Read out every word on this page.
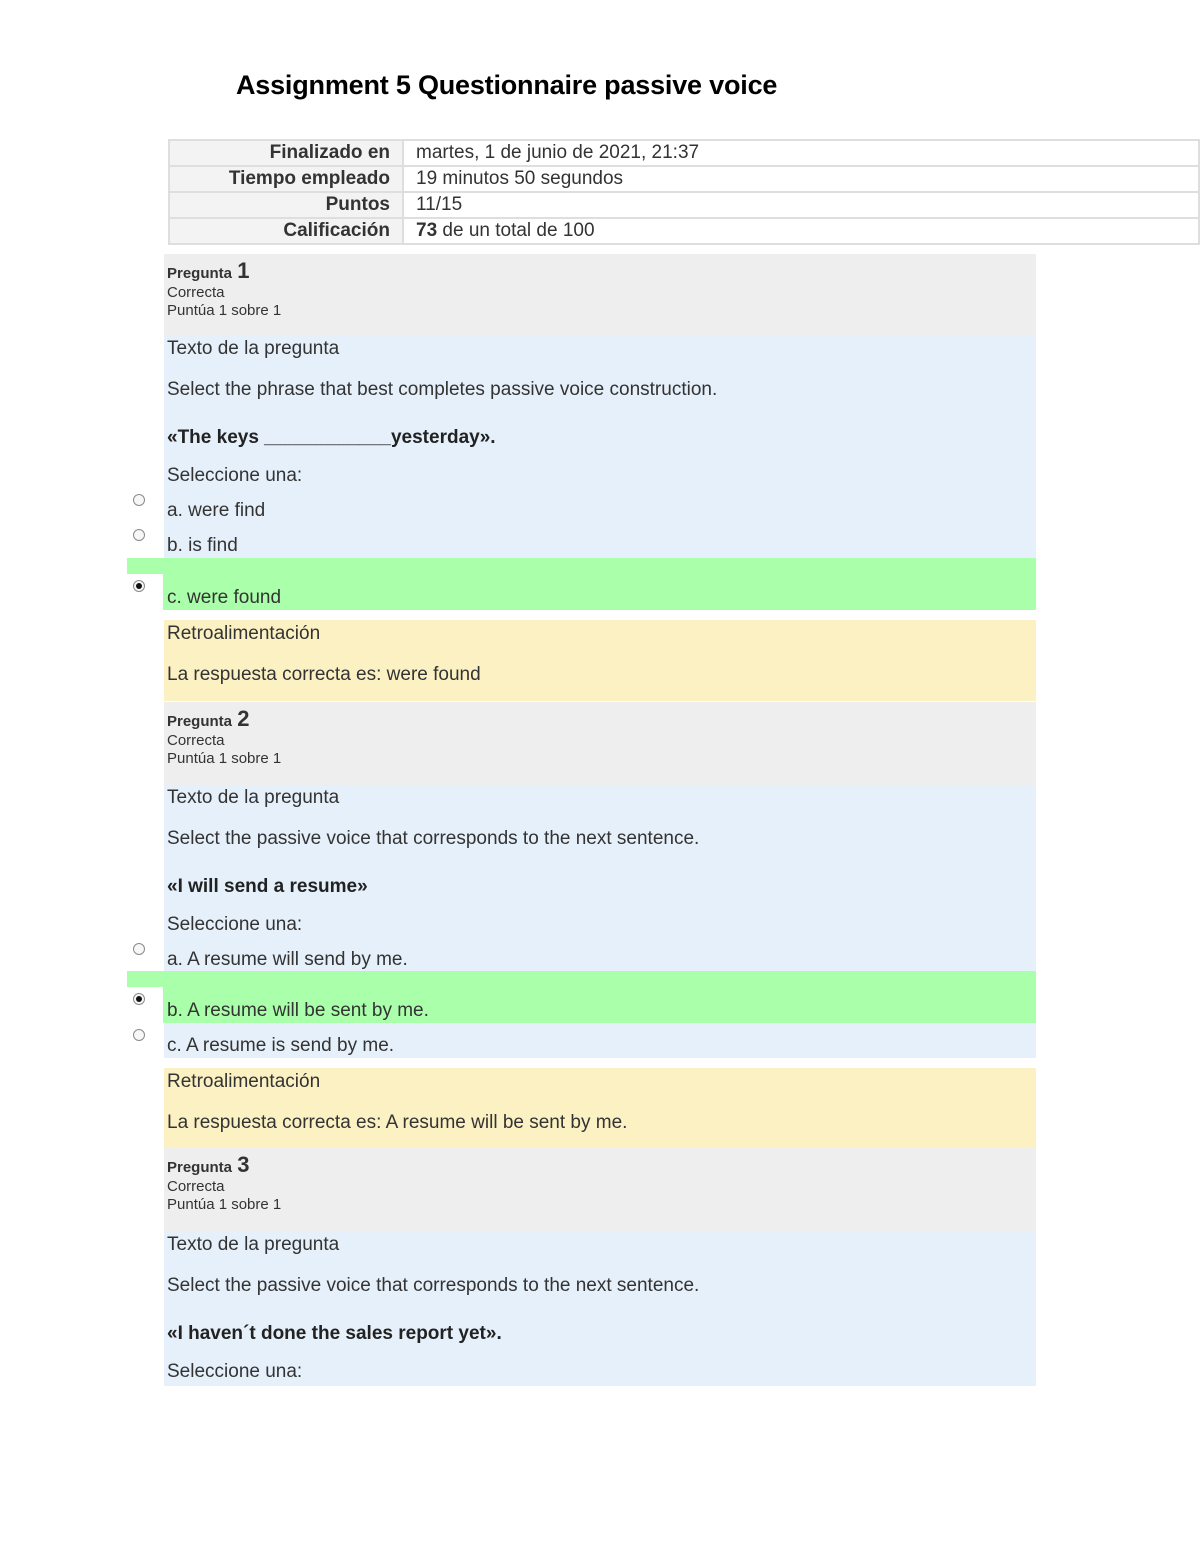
Assignment 5 Questionnaire passive voice
Finalizado en	martes, 1 de junio de 2021, 21:37
Tiempo empleado	19 minutos 50 segundos
Puntos	11/15
Calificación	73 de un total de 100
Pregunta 1
Correcta
Puntúa 1 sobre 1
Texto de la pregunta
Select the phrase that best completes passive voice construction.
«The keys ____________yesterday».
Seleccione una:
a. were find
b. is find
c. were found
Retroalimentación
La respuesta correcta es: were found
Pregunta 2
Correcta
Puntúa 1 sobre 1
Texto de la pregunta
Select the passive voice that corresponds to the next sentence.
«I will send a resume»
Seleccione una:
a. A resume will send by me.
b. A resume will be sent by me.
c. A resume is send by me.
Retroalimentación
La respuesta correcta es: A resume will be sent by me.
Pregunta 3
Correcta
Puntúa 1 sobre 1
Texto de la pregunta
Select the passive voice that corresponds to the next sentence.
«I haven´t done the sales report yet».
Seleccione una:
